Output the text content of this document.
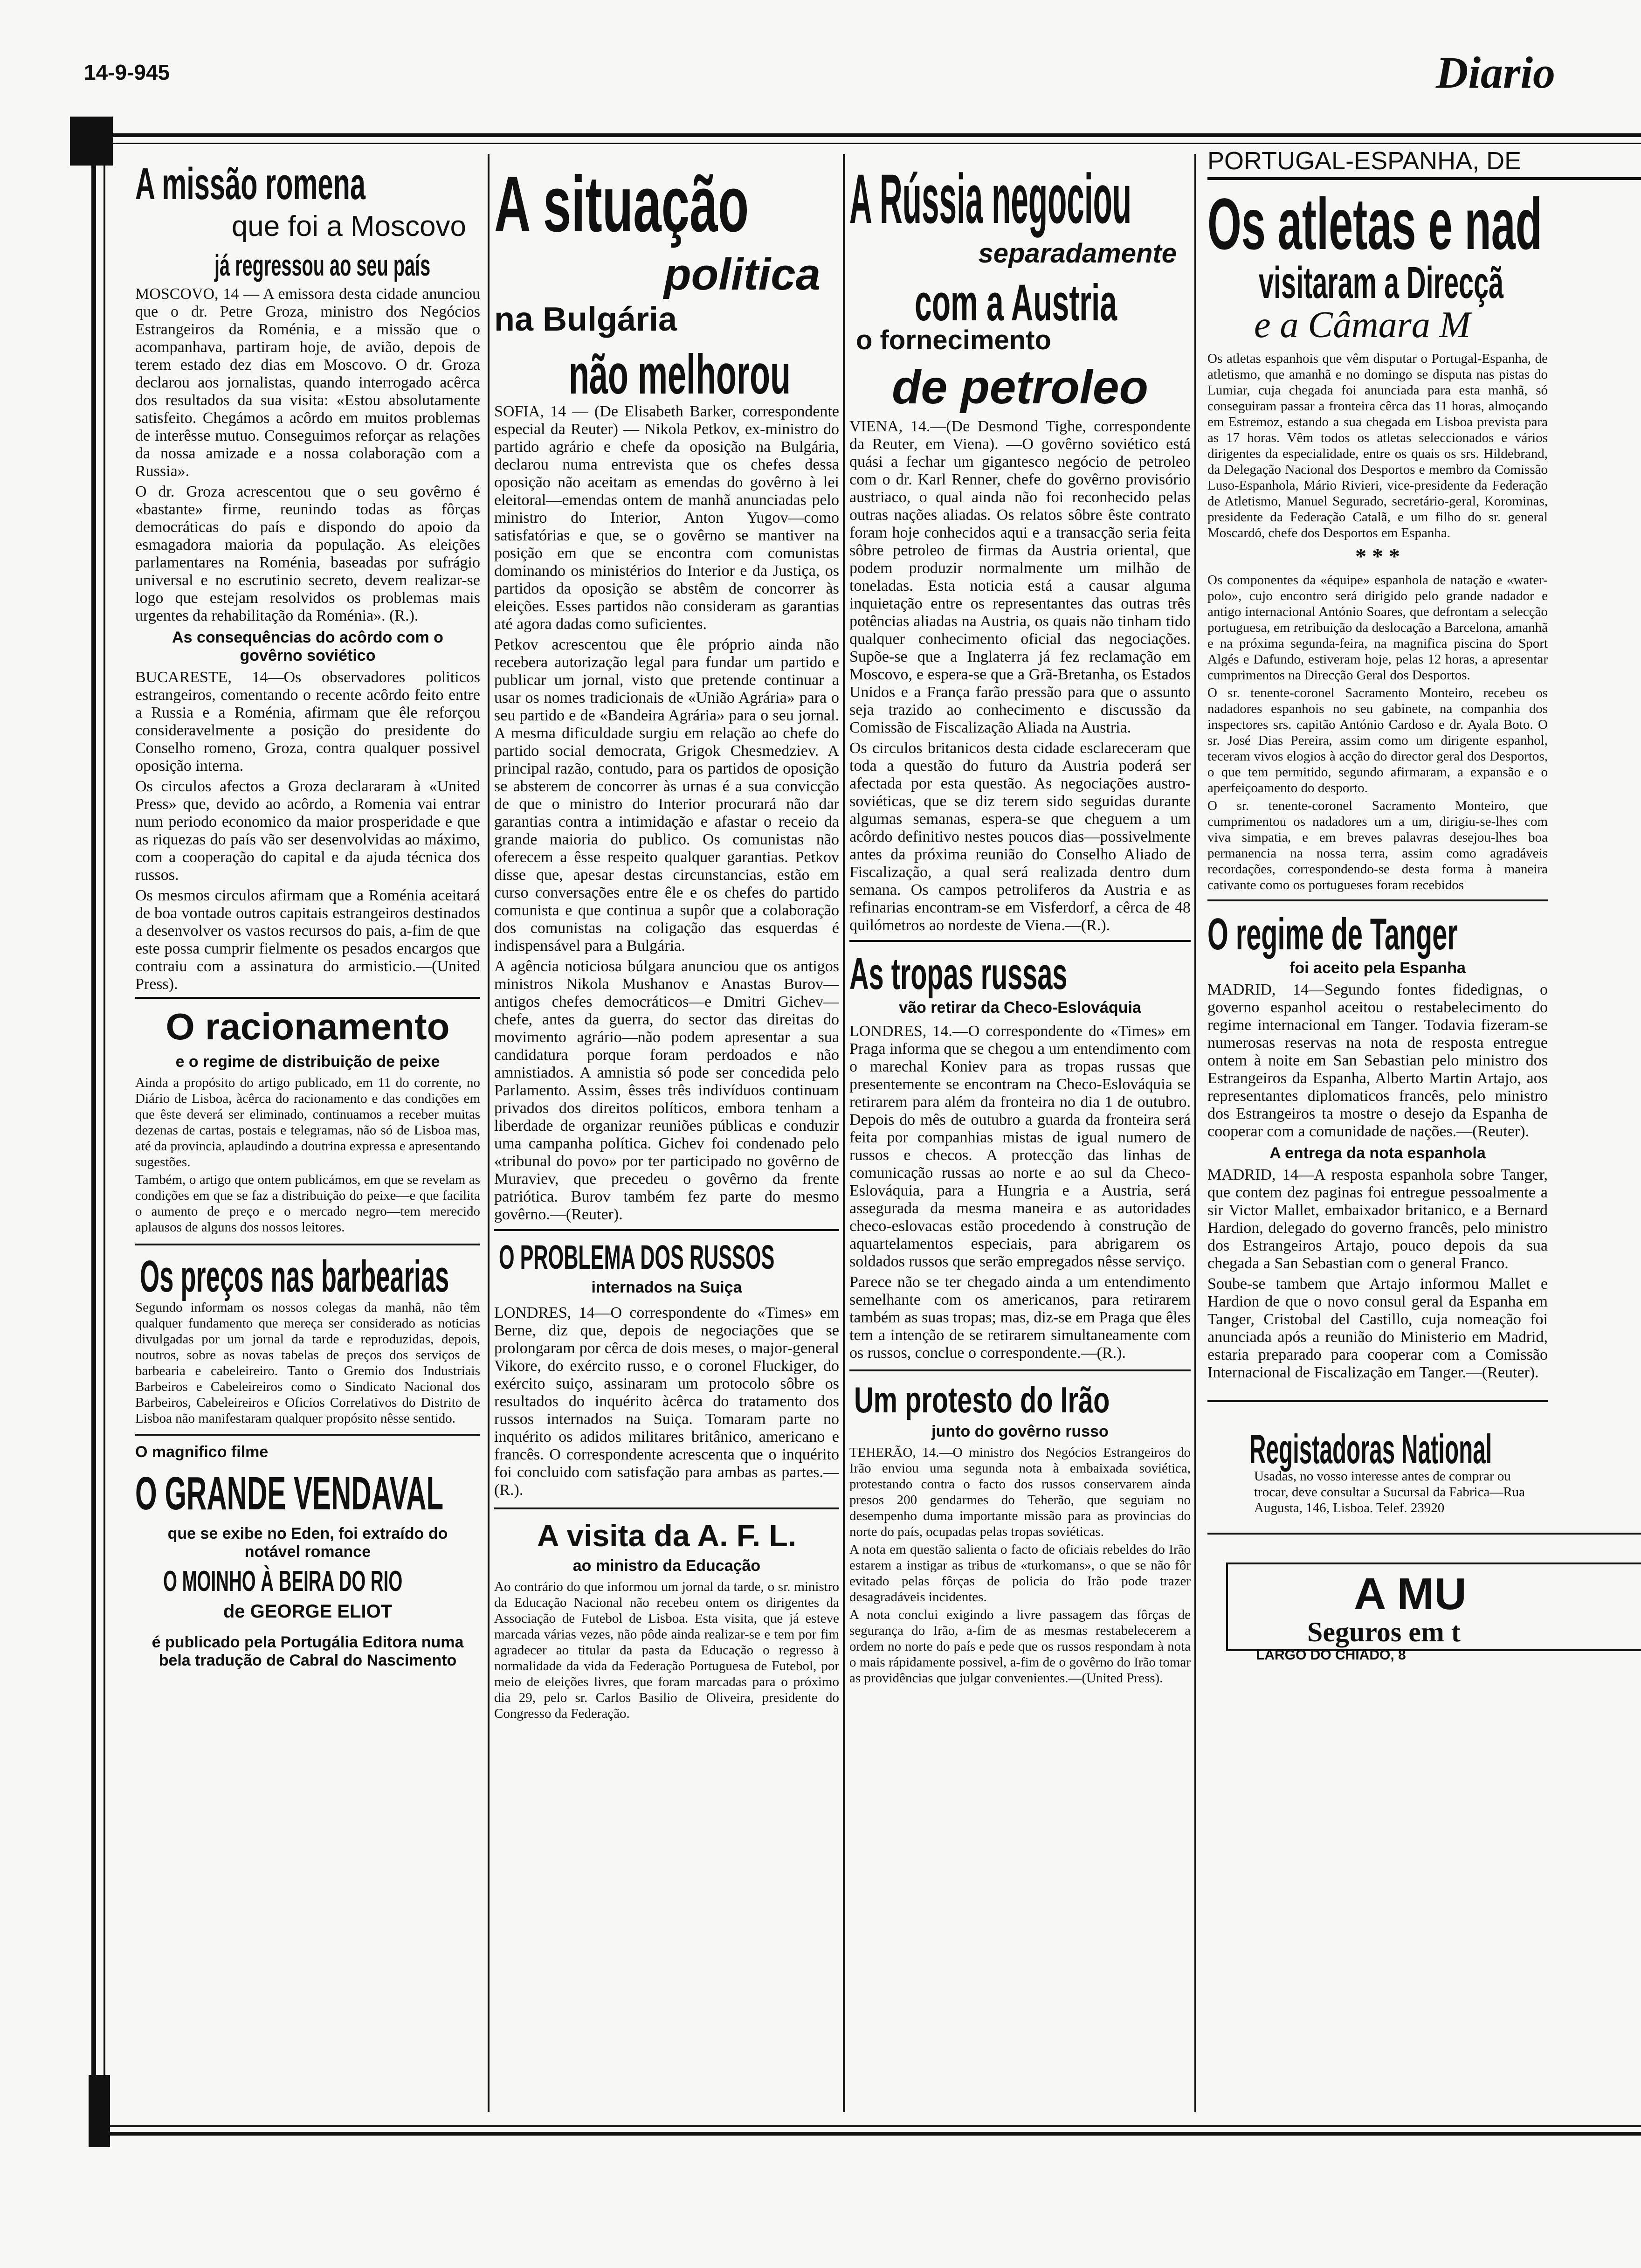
14-9-945	Diario
A missão romena
que foi a Moscovo
já regressou ao seu país

MOSCOVO, 14 — A emissora desta cidade anunciou que o dr. Petre Groza, ministro dos Negócios Estrangeiros da Roménia, e a missão que o acompanhava, partiram hoje, de avião, depois de terem estado dez dias em Moscovo. O dr. Groza declarou aos jornalistas, quando interrogado acêrca dos resultados da sua visita: «Estou absolutamente satisfeito. Chegámos a acôrdo em muitos problemas de interêsse mutuo. Conseguimos reforçar as relações da nossa amizade e a nossa colaboração com a Russia».

O dr. Groza acrescentou que o seu govêrno é «bastante» firme, reunindo todas as fôrças democráticas do país e dispondo do apoio da esmagadora maioria da população. As eleições parlamentares na Roménia, baseadas por sufrágio universal e no escrutinio secreto, devem realizar-se logo que estejam resolvidos os problemas mais urgentes da rehabilitação da Roménia». (R.).

As consequências do acôrdo com o govêrno soviético

BUCARESTE, 14—Os observadores politicos estrangeiros, comentando o recente acôrdo feito entre a Russia e a Roménia, afirmam que êle reforçou consideravelmente a posição do presidente do Conselho romeno, Groza, contra qualquer possivel oposição interna.

Os circulos afectos a Groza declararam à «United Press» que, devido ao acôrdo, a Romenia vai entrar num periodo economico da maior prosperidade e que as riquezas do país vão ser desenvolvidas ao máximo, com a cooperação do capital e da ajuda técnica dos russos.

Os mesmos circulos afirmam que a Roménia aceitará de boa vontade outros capitais estrangeiros destinados a desenvolver os vastos recursos do pais, a-fim de que este possa cumprir fielmente os pesados encargos que contraiu com a assinatura do armisticio.—(United Press).

O racionamento
e o regime de distribuição de peixe

Ainda a propósito do artigo publicado, em 11 do corrente, no Diário de Lisboa, àcêrca do racionamento e das condições em que êste deverá ser eliminado, continuamos a receber muitas dezenas de cartas, postais e telegramas, não só de Lisboa mas, até da provincia, aplaudindo a doutrina expressa e apresentando sugestões.

Também, o artigo que ontem publicámos, em que se revelam as condições em que se faz a distribuição do peixe—e que facilita o aumento de preço e o mercado negro—tem merecido aplausos de alguns dos nossos leitores.

Os preços nas barbearias

Segundo informam os nossos colegas da manhã, não têm qualquer fundamento que mereça ser considerado as noticias divulgadas por um jornal da tarde e reproduzidas, depois, noutros, sobre as novas tabelas de preços dos serviços de barbearia e cabeleireiro. Tanto o Gremio dos Industriais Barbeiros e Cabeleireiros como o Sindicato Nacional dos Barbeiros, Cabeleireiros e Oficios Correlativos do Distrito de Lisboa não manifestaram qualquer propósito nêsse sentido.

O magnifico filme
O GRANDE VENDAVAL
que se exibe no Eden, foi extraído do notável romance
O MOINHO À BEIRA DO RIO
de GEORGE ELIOT
é publicado pela Portugália Editora numa bela tradução de Cabral do Nascimento
A situação
politica
na Bulgária
não melhorou

SOFIA, 14 — (De Elisabeth Barker, correspondente especial da Reuter) — Nikola Petkov, ex-ministro do partido agrário e chefe da oposição na Bulgária, declarou numa entrevista que os chefes dessa oposição não aceitam as emendas do govêrno à lei eleitoral—emendas ontem de manhã anunciadas pelo ministro do Interior, Anton Yugov—como satisfatórias e que, se o govêrno se mantiver na posição em que se encontra com comunistas dominando os ministérios do Interior e da Justiça, os partidos da oposição se abstêm de concorrer às eleições. Esses partidos não consideram as garantias até agora dadas como suficientes.

Petkov acrescentou que êle próprio ainda não recebera autorização legal para fundar um partido e publicar um jornal, visto que pretende continuar a usar os nomes tradicionais de «União Agrária» para o seu partido e de «Bandeira Agrária» para o seu jornal. A mesma dificuldade surgiu em relação ao chefe do partido social democrata, Grigok Chesmedziev. A principal razão, contudo, para os partidos de oposição se absterem de concorrer às urnas é a sua convicção de que o ministro do Interior procurará não dar garantias contra a intimidação e afastar o receio da grande maioria do publico. Os comunistas não oferecem a êsse respeito qualquer garantias. Petkov disse que, apesar destas circunstancias, estão em curso conversações entre êle e os chefes do partido comunista e que continua a supôr que a colaboração dos comunistas na coligação das esquerdas é indispensável para a Bulgária.

A agência noticiosa búlgara anunciou que os antigos ministros Nikola Mushanov e Anastas Burov—antigos chefes democráticos—e Dmitri Gichev—chefe, antes da guerra, do sector das direitas do movimento agrário—não podem apresentar a sua candidatura porque foram perdoados e não amnistiados. A amnistia só pode ser concedida pelo Parlamento. Assim, êsses três indivíduos continuam privados dos direitos políticos, embora tenham a liberdade de organizar reuniões públicas e conduzir uma campanha política. Gichev foi condenado pelo «tribunal do povo» por ter participado no govêrno de Muraviev, que precedeu o govêrno da frente patriótica. Burov também fez parte do mesmo govêrno.—(Reuter).

O PROBLEMA DOS RUSSOS
internados na Suiça

LONDRES, 14—O correspondente do «Times» em Berne, diz que, depois de negociações que se prolongaram por cêrca de dois meses, o major-general Vikore, do exército russo, e o coronel Fluckiger, do exército suiço, assinaram um protocolo sôbre os resultados do inquérito àcêrca do tratamento dos russos internados na Suiça. Tomaram parte no inquérito os adidos militares britânico, americano e francês. O correspondente acrescenta que o inquérito foi concluido com satisfação para ambas as partes.—(R.).

A visita da A. F. L.
ao ministro da Educação

Ao contrário do que informou um jornal da tarde, o sr. ministro da Educação Nacional não recebeu ontem os dirigentes da Associação de Futebol de Lisboa. Esta visita, que já esteve marcada várias vezes, não pôde ainda realizar-se e tem por fim agradecer ao titular da pasta da Educação o regresso à normalidade da vida da Federação Portuguesa de Futebol, por meio de eleições livres, que foram marcadas para o próximo dia 29, pelo sr. Carlos Basilio de Oliveira, presidente do Congresso da Federação.

A Rússia negociou
separadamente
com a Austria
o fornecimento
de petroleo

VIENA, 14.—(De Desmond Tighe, correspondente da Reuter, em Viena). —O govêrno soviético está quási a fechar um gigantesco negócio de petroleo com o dr. Karl Renner, chefe do govêrno provisório austriaco, o qual ainda não foi reconhecido pelas outras nações aliadas. Os relatos sôbre êste contrato foram hoje conhecidos aqui e a transacção seria feita sôbre petroleo de firmas da Austria oriental, que podem produzir normalmente um milhão de toneladas. Esta noticia está a causar alguma inquietação entre os representantes das outras três potências aliadas na Austria, os quais não tinham tido qualquer conhecimento oficial das negociações. Supõe-se que a Inglaterra já fez reclamação em Moscovo, e espera-se que a Grã-Bretanha, os Estados Unidos e a França farão pressão para que o assunto seja trazido ao conhecimento e discussão da Comissão de Fiscalização Aliada na Austria.

Os circulos britanicos desta cidade esclareceram que toda a questão do futuro da Austria poderá ser afectada por esta questão. As negociações austro-soviéticas, que se diz terem sido seguidas durante algumas semanas, espera-se que cheguem a um acôrdo definitivo nestes poucos dias—possivelmente antes da próxima reunião do Conselho Aliado de Fiscalização, a qual será realizada dentro dum semana. Os campos petroliferos da Austria e as refinarias encontram-se em Visferdorf, a cêrca de 48 quilómetros ao nordeste de Viena.—(R.).

As tropas russas
vão retirar da Checo-Eslováquia

LONDRES, 14.—O correspondente do «Times» em Praga informa que se chegou a um entendimento com o marechal Koniev para as tropas russas que presentemente se encontram na Checo-Eslováquia se retirarem para além da fronteira no dia 1 de outubro. Depois do mês de outubro a guarda da fronteira será feita por companhias mistas de igual numero de russos e checos. A protecção das linhas de comunicação russas ao norte e ao sul da Checo-Eslováquia, para a Hungria e a Austria, será assegurada da mesma maneira e as autoridades checo-eslovacas estão procedendo à construção de aquartelamentos especiais, para abrigarem os soldados russos que serão empregados nêsse serviço.

Parece não se ter chegado ainda a um entendimento semelhante com os americanos, para retirarem também as suas tropas; mas, diz-se em Praga que êles tem a intenção de se retirarem simultaneamente com os russos, conclue o correspondente.—(R.).

Um protesto do Irão
junto do govêrno russo

TEHERÃO, 14.—O ministro dos Negócios Estrangeiros do Irão enviou uma segunda nota à embaixada soviética, protestando contra o facto dos russos conservarem ainda presos 200 gendarmes do Teherão, que seguiam no desempenho duma importante missão para as provincias do norte do país, ocupadas pelas tropas soviéticas.

A nota em questão salienta o facto de oficiais rebeldes do Irão estarem a instigar as tribus de «turkomans», o que se não fôr evitado pelas fôrças de policia do Irão pode trazer desagradáveis incidentes.

A nota conclui exigindo a livre passagem das fôrças de segurança do Irão, a-fim de as mesmas restabelecerem a ordem no norte do país e pede que os russos respondam à nota o mais rápidamente possivel, a-fim de o govêrno do Irão tomar as providências que julgar convenientes.—(United Press).

PORTUGAL-ESPANHA, DE
Os atletas e nad
visitaram a Direcçã
e a Câmara M

Os atletas espanhois que vêm disputar o Portugal-Espanha, de atletismo, que amanhã e no domingo se disputa nas pistas do Lumiar, cuja chegada foi anunciada para esta manhã, só conseguiram passar a fronteira cêrca das 11 horas, almoçando em Estremoz, estando a sua chegada em Lisboa prevista para as 17 horas. Vêm todos os atletas seleccionados e vários dirigentes da especialidade, entre os quais os srs. Hildebrand, da Delegação Nacional dos Desportos e membro da Comissão Luso-Espanhola, Mário Rivieri, vice-presidente da Federação de Atletismo, Manuel Segurado, secretário-geral, Korominas, presidente da Federação Catalã, e um filho do sr. general Moscardó, chefe dos Desportos em Espanha.

* * *

Os componentes da «équipe» espanhola de natação e «water-polo», cujo encontro será dirigido pelo grande nadador e antigo internacional António Soares, que defrontam a selecção portuguesa, em retribuição da deslocação a Barcelona, amanhã e na próxima segunda-feira, na magnifica piscina do Sport Algés e Dafundo, estiveram hoje, pelas 12 horas, a apresentar cumprimentos na Direcção Geral dos Desportos.

O sr. tenente-coronel Sacramento Monteiro, recebeu os nadadores espanhois no seu gabinete, na companhia dos inspectores srs. capitão António Cardoso e dr. Ayala Boto. O sr. José Dias Pereira, assim como um dirigente espanhol, teceram vivos elogios à acção do director geral dos Desportos, o que tem permitido, segundo afirmaram, a expansão e o aperfeiçoamento do desporto.

O sr. tenente-coronel Sacramento Monteiro, que cumprimentou os nadadores um a um, dirigiu-se-lhes com viva simpatia, e em breves palavras desejou-lhes boa permanencia na nossa terra, assim como agradáveis recordações, correspondendo-se desta forma à maneira cativante como os portugueses foram recebidos

O regime de Tanger
foi aceito pela Espanha

MADRID, 14—Segundo fontes fidedignas, o governo espanhol aceitou o restabelecimento do regime internacional em Tanger. Todavia fizeram-se numerosas reservas na nota de resposta entregue ontem à noite em San Sebastian pelo ministro dos Estrangeiros da Espanha, Alberto Martin Artajo, aos representantes diplomaticos francês, pelo ministro dos Estrangeiros ta mostre o desejo da Espanha de cooperar com a comunidade de nações.—(Reuter).

A entrega da nota espanhola

MADRID, 14—A resposta espanhola sobre Tanger, que contem dez paginas foi entregue pessoalmente a sir Victor Mallet, embaixador britanico, e a Bernard Hardion, delegado do governo francês, pelo ministro dos Estrangeiros Artajo, pouco depois da sua chegada a San Sebastian com o general Franco.

Soube-se tambem que Artajo informou Mallet e Hardion de que o novo consul geral da Espanha em Tanger, Cristobal del Castillo, cuja nomeação foi anunciada após a reunião do Ministerio em Madrid, estaria preparado para cooperar com a Comissão Internacional de Fiscalização em Tanger.—(Reuter).

Registadoras National

Usadas, no vosso interesse antes de comprar ou trocar, deve consultar a Sucursal da Fabrica—Rua Augusta, 146, Lisboa. Telef. 23920

A MU
Seguros em t
LARGO DO CHIADO, 8
